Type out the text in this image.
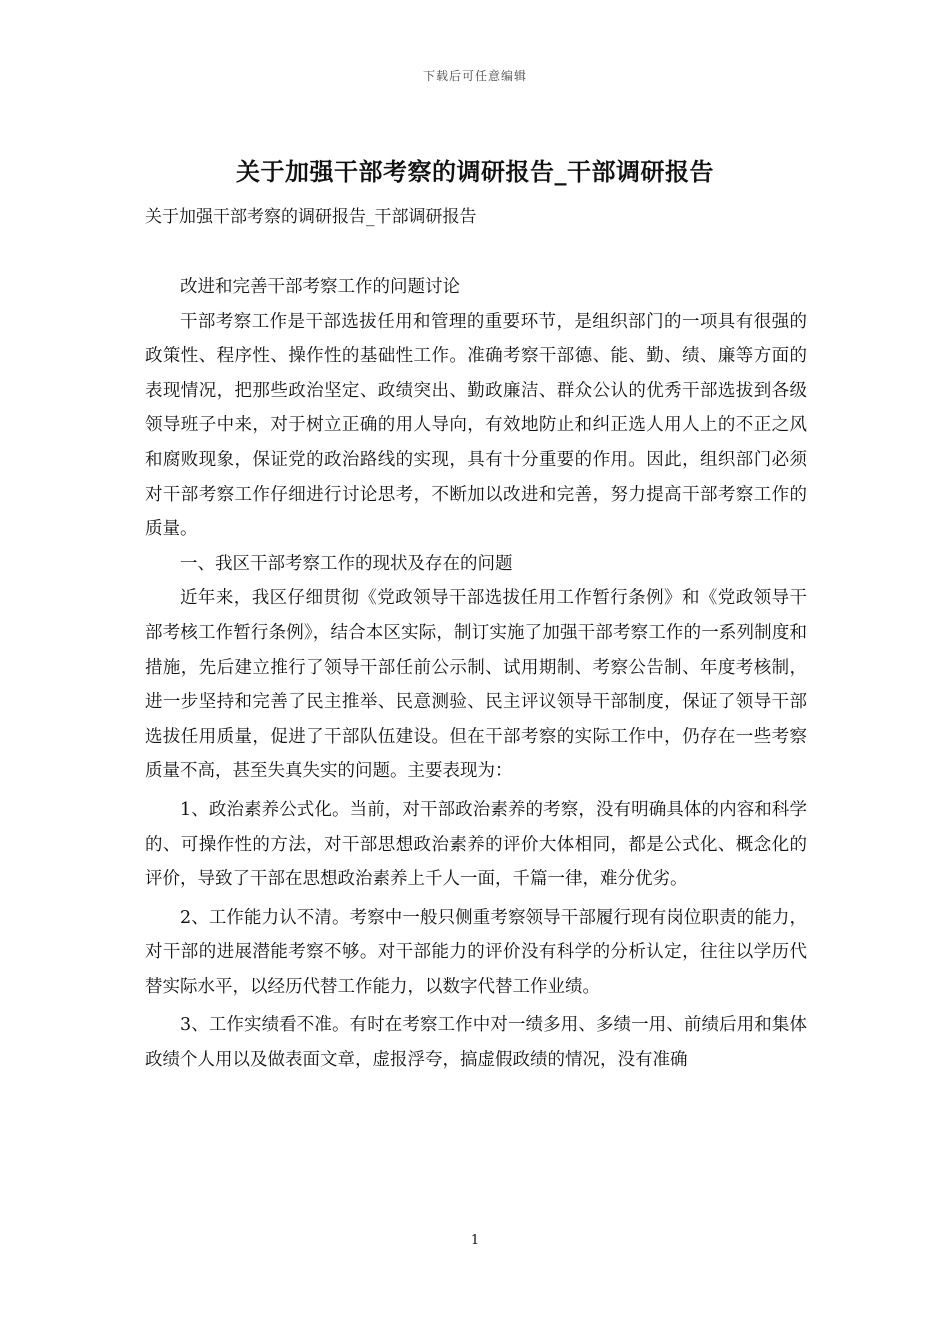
下载后可任意编辑
关于加强干部考察的调研报告_干部调研报告

关于加强干部考察的调研报告_干部调研报告

改进和完善干部考察工作的问题讨论

干部考察工作是干部选拔任用和管理的重要环节，是组织部门的一项具有很强的政策性、程序性、操作性的基础性工作。准确考察干部德、能、勤、绩、廉等方面的表现情况，把那些政治坚定、政绩突出、勤政廉洁、群众公认的优秀干部选拔到各级领导班子中来，对于树立正确的用人导向，有效地防止和纠正选人用人上的不正之风和腐败现象，保证党的政治路线的实现，具有十分重要的作用。因此，组织部门必须对干部考察工作仔细进行讨论思考，不断加以改进和完善，努力提高干部考察工作的质量。

一、我区干部考察工作的现状及存在的问题

近年来，我区仔细贯彻《党政领导干部选拔任用工作暂行条例》和《党政领导干部考核工作暂行条例》，结合本区实际，制订实施了加强干部考察工作的一系列制度和措施，先后建立推行了领导干部任前公示制、试用期制、考察公告制、年度考核制，进一步坚持和完善了民主推举、民意测验、民主评议领导干部制度，保证了领导干部选拔任用质量，促进了干部队伍建设。但在干部考察的实际工作中，仍存在一些考察质量不高，甚至失真失实的问题。主要表现为：

1、政治素养公式化。当前，对干部政治素养的考察，没有明确具体的内容和科学的、可操作性的方法，对干部思想政治素养的评价大体相同，都是公式化、概念化的评价，导致了干部在思想政治素养上千人一面，千篇一律，难分优劣。

2、工作能力认不清。考察中一般只侧重考察领导干部履行现有岗位职责的能力，对干部的进展潜能考察不够。对干部能力的评价没有科学的分析认定，往往以学历代替实际水平，以经历代替工作能力，以数字代替工作业绩。

3、工作实绩看不准。有时在考察工作中对一绩多用、多绩一用、前绩后用和集体政绩个人用以及做表面文章，虚报浮夸，搞虚假政绩的情况，没有准确

1
